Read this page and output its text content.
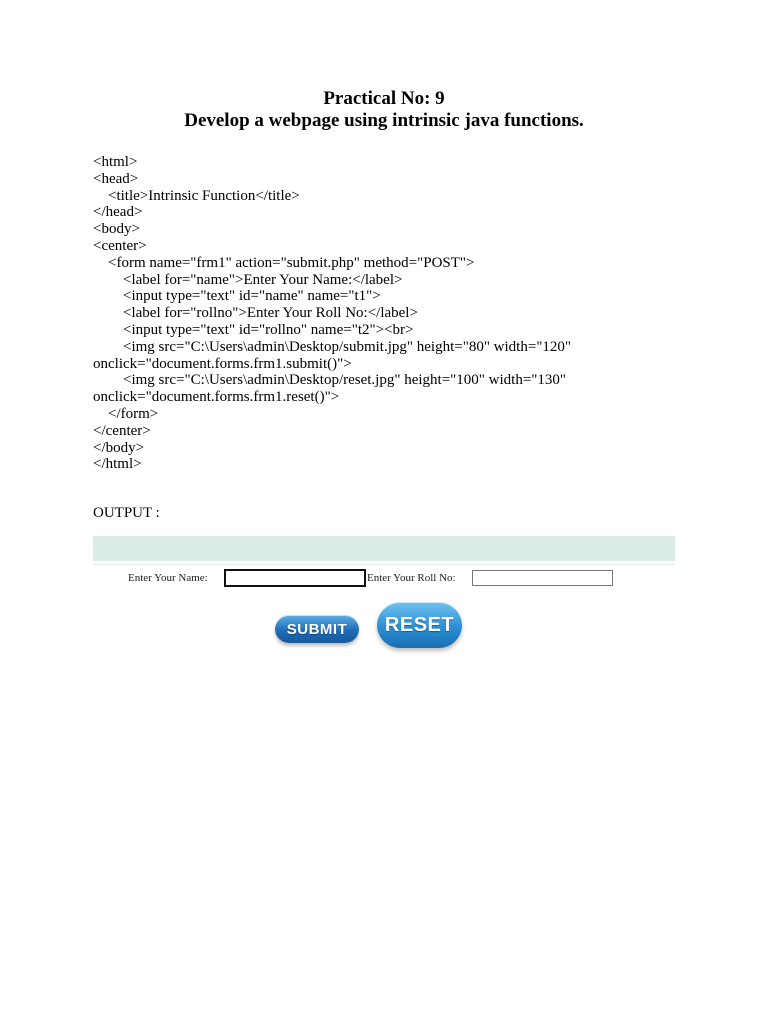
Practical No: 9

Develop a webpage using intrinsic java functions.

<html>
<head>
<title>Intrinsic Function</title>
</head>
<body>
<center>
<form name="frm1" action="submit.php" method="POST">
<label for="name">Enter Your Name:</label>
<input type="text" id="name" name="t1">
<label for="rollno">Enter Your Roll No:</label>
<input type="text" id="rollno" name="t2"><br>
<img src="C:\Users\admin\Desktop/submit.jpg" height="80" width="120"
onclick="document.forms.frm1.submit()">
<img src="C:\Users\admin\Desktop/reset.jpg" height="100" width="130"
onclick="document.forms.frm1.reset()">
</form>
</center>
</body>
</html>
OUTPUT :
Enter Your Name:	Enter Your Roll No:
SUBMIT	RESET
